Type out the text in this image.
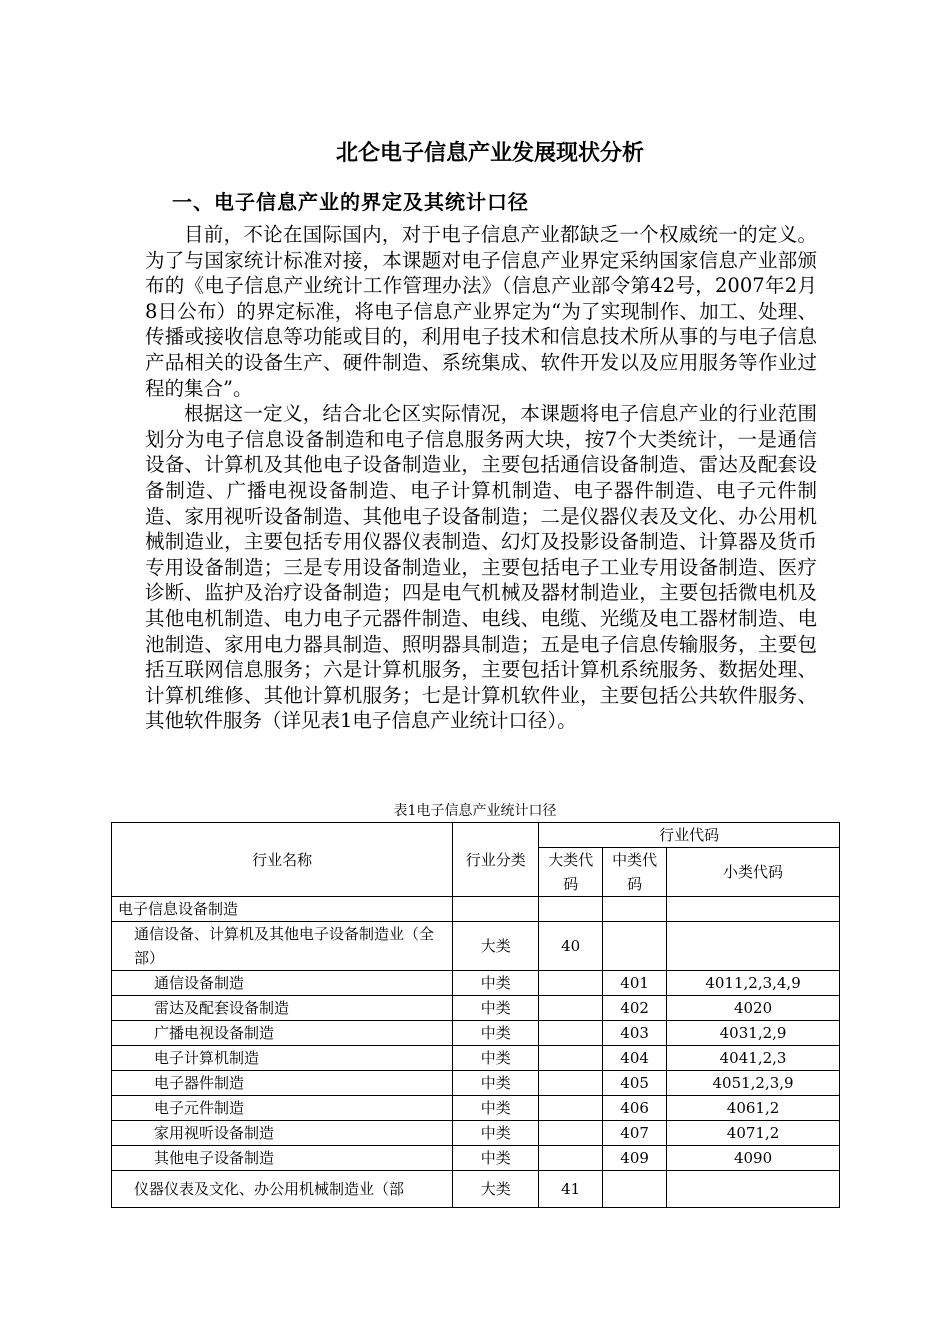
北仑电子信息产业发展现状分析
一、电子信息产业的界定及其统计口径

目前，不论在国际国内，对于电子信息产业都缺乏一个权威统一的定义。为了与国家统计标准对接，本课题对电子信息产业界定采纳国家信息产业部颁布的《电子信息产业统计工作管理办法》（信息产业部令第42号，2007年2月8日公布）的界定标准，将电子信息产业界定为“为了实现制作、加工、处理、传播或接收信息等功能或目的，利用电子技术和信息技术所从事的与电子信息产品相关的设备生产、硬件制造、系统集成、软件开发以及应用服务等作业过程的集合”。

根据这一定义，结合北仑区实际情况，本课题将电子信息产业的行业范围划分为电子信息设备制造和电子信息服务两大块，按7个大类统计，一是通信设备、计算机及其他电子设备制造业，主要包括通信设备制造、雷达及配套设备制造、广播电视设备制造、电子计算机制造、电子器件制造、电子元件制造、家用视听设备制造、其他电子设备制造；二是仪器仪表及文化、办公用机械制造业，主要包括专用仪器仪表制造、幻灯及投影设备制造、计算器及货币专用设备制造；三是专用设备制造业，主要包括电子工业专用设备制造、医疗诊断、监护及治疗设备制造；四是电气机械及器材制造业，主要包括微电机及其他电机制造、电力电子元器件制造、电线、电缆、光缆及电工器材制造、电池制造、家用电力器具制造、照明器具制造；五是电子信息传输服务，主要包括互联网信息服务；六是计算机服务，主要包括计算机系统服务、数据处理、计算机维修、其他计算机服务；七是计算机软件业，主要包括公共软件服务、其他软件服务（详见表1电子信息产业统计口径）。

表1电子信息产业统计口径

行业名称	行业分类	行业代码		
		大类代码	中类代码	小类代码
电子信息设备制造				
通信设备、计算机及其他电子设备制造业（全部）	大类	40		
通信设备制造	中类		401	4011,2,3,4,9
雷达及配套设备制造	中类		402	4020
广播电视设备制造	中类		403	4031,2,9
电子计算机制造	中类		404	4041,2,3
电子器件制造	中类		405	4051,2,3,9
电子元件制造	中类		406	4061,2
家用视听设备制造	中类		407	4071,2
其他电子设备制造	中类		409	4090
仪器仪表及文化、办公用机械制造业（部	大类	41		
